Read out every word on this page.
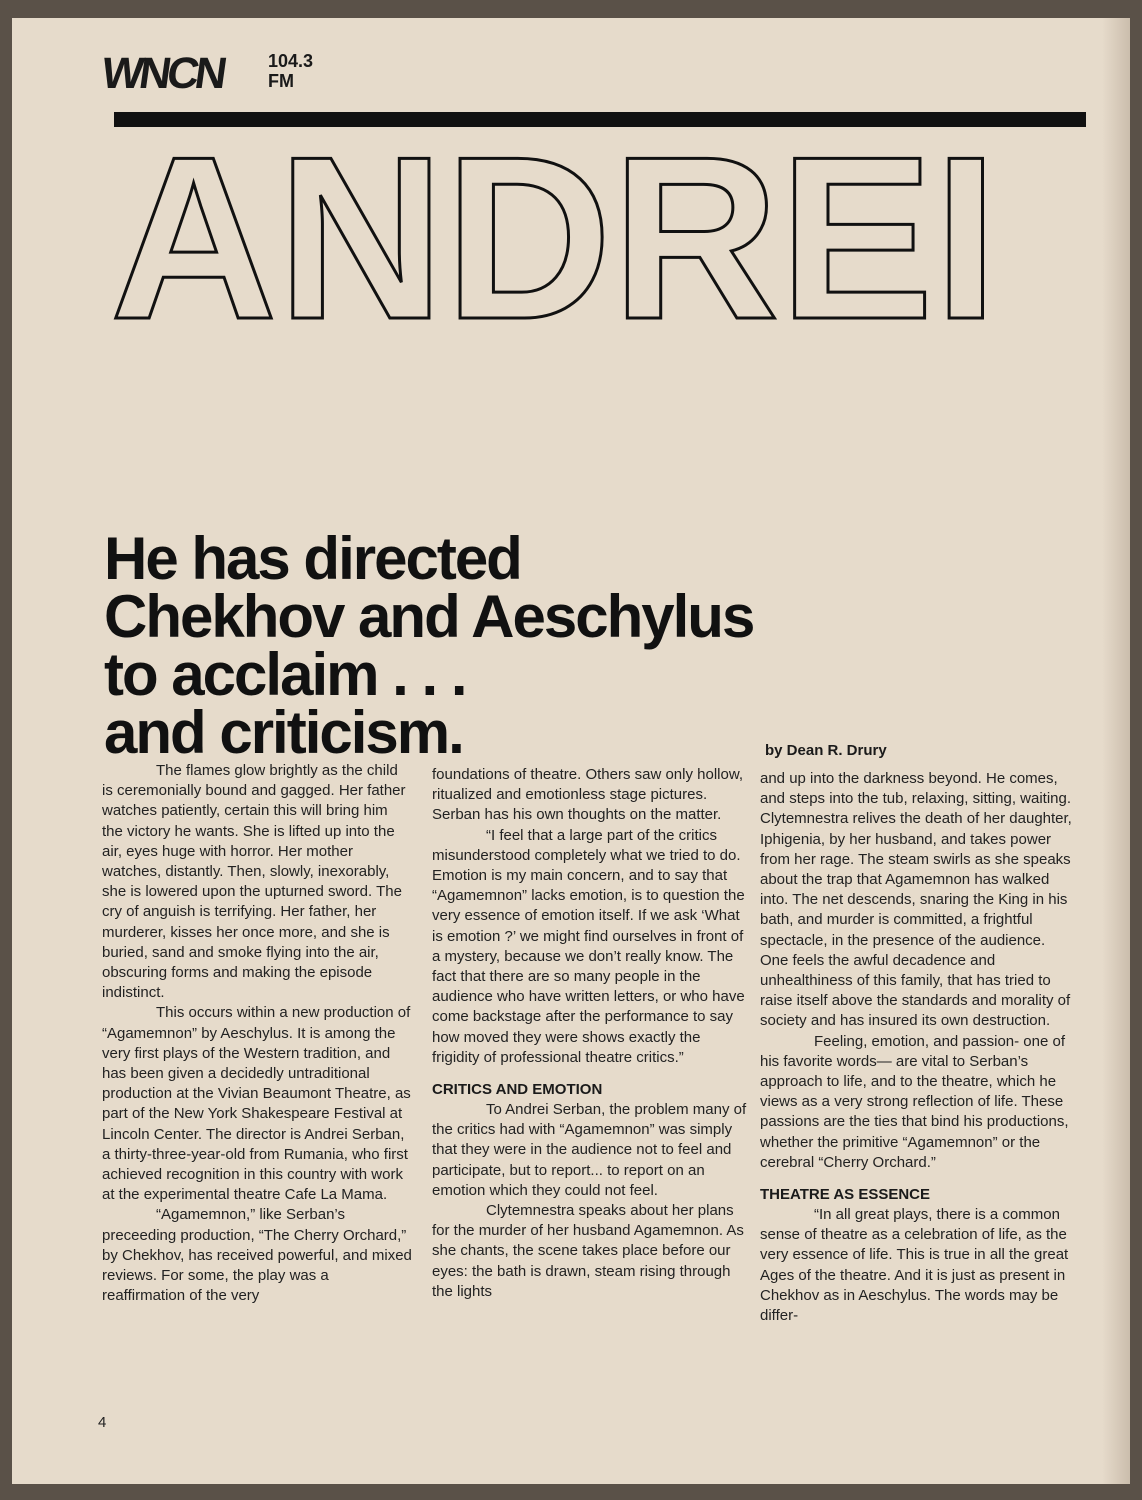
WNCN 104.3
FM
ANDREI
He has directed
Chekhov and Aeschylus
to acclaim . . .
and criticism.	by Dean R. Drury

The flames glow brightly as the child is ceremonially bound and gagged. Her father watches patiently, certain this will bring him the victory he wants. She is lifted up into the air, eyes huge with horror. Her mother watches, distantly. Then, slowly, inexorably, she is lowered upon the upturned sword. The cry of anguish is terrifying. Her father, her murderer, kisses her once more, and she is buried, sand and smoke flying into the air, obscuring forms and making the episode indistinct.

This occurs within a new production of “Agamemnon” by Aeschylus. It is among the very first plays of the Western tradition, and has been given a decidedly untraditional production at the Vivian Beaumont Theatre, as part of the New York Shakespeare Festival at Lincoln Center. The director is Andrei Serban, a thirty-three-year-old from Rumania, who first achieved recognition in this country with work at the experimental theatre Cafe La Mama.

“Agamemnon,” like Serban’s preceeding production, “The Cherry Orchard,” by Chekhov, has received powerful, and mixed reviews. For some, the play was a reaffirmation of the very

foundations of theatre. Others saw only hollow, ritualized and emotionless stage pictures. Serban has his own thoughts on the matter.

“I feel that a large part of the critics misunderstood completely what we tried to do. Emotion is my main concern, and to say that “Agamemnon” lacks emotion, is to question the very essence of emotion itself. If we ask ‘What is emotion ?’ we might find ourselves in front of a mystery, because we don’t really know. The fact that there are so many people in the audience who have written letters, or who have come backstage after the performance to say how moved they were shows exactly the frigidity of professional theatre critics.”

CRITICS AND EMOTION

To Andrei Serban, the problem many of the critics had with “Agamemnon” was simply that they were in the audience not to feel and participate, but to report... to report on an emotion which they could not feel.

Clytemnestra speaks about her plans for the murder of her husband Agamemnon. As she chants, the scene takes place before our eyes: the bath is drawn, steam rising through the lights

and up into the darkness beyond. He comes, and steps into the tub, relaxing, sitting, waiting. Clytemnestra relives the death of her daughter, Iphigenia, by her husband, and takes power from her rage. The steam swirls as she speaks about the trap that Agamemnon has walked into. The net descends, snaring the King in his bath, and murder is committed, a frightful spectacle, in the presence of the audience. One feels the awful decadence and unhealthiness of this family, that has tried to raise itself above the standards and morality of society and has insured its own destruction.

Feeling, emotion, and passion- one of his favorite words— are vital to Serban’s approach to life, and to the theatre, which he views as a very strong reflection of life. These passions are the ties that bind his productions, whether the primitive “Agamemnon” or the cerebral “Cherry Orchard.”

THEATRE AS ESSENCE

“In all great plays, there is a common sense of theatre as a celebration of life, as the very essence of life. This is true in all the great Ages of the theatre. And it is just as present in Chekhov as in Aeschylus. The words may be differ-

4
